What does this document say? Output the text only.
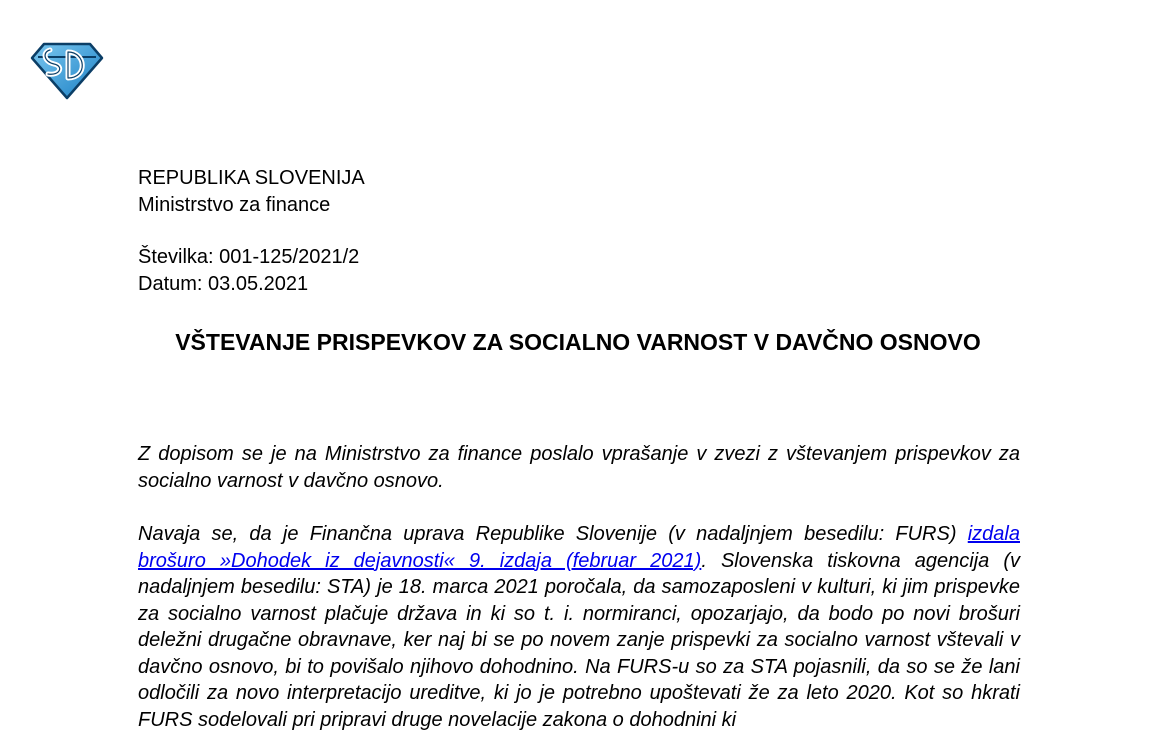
REPUBLIKA SLOVENIJA
Ministrstvo za finance
Številka: 001-125/2021/2
Datum: 03.05.2021
VŠTEVANJE PRISPEVKOV ZA SOCIALNO VARNOST V DAVČNO OSNOVO
Z dopisom se je na Ministrstvo za finance poslalo vprašanje v zvezi z vštevanjem prispevkov za socialno varnost v davčno osnovo.
Navaja se, da je Finančna uprava Republike Slovenije (v nadaljnjem besedilu: FURS) izdala brošuro »Dohodek iz dejavnosti« 9. izdaja (februar 2021). Slovenska tiskovna agencija (v nadaljnjem besedilu: STA) je 18. marca 2021 poročala, da samozaposleni v kulturi, ki jim prispevke za socialno varnost plačuje država in ki so t. i. normiranci, opozarjajo, da bodo po novi brošuri deležni drugačne obravnave, ker naj bi se po novem zanje prispevki za socialno varnost vštevali v davčno osnovo, bi to povišalo njihovo dohodnino. Na FURS-u so za STA pojasnili, da so se že lani odločili za novo interpretacijo ureditve, ki jo je potrebno upoštevati že za leto 2020. Kot so hkrati FURS sodelovali pri pripravi druge novelacije zakona o dohodnini ki
